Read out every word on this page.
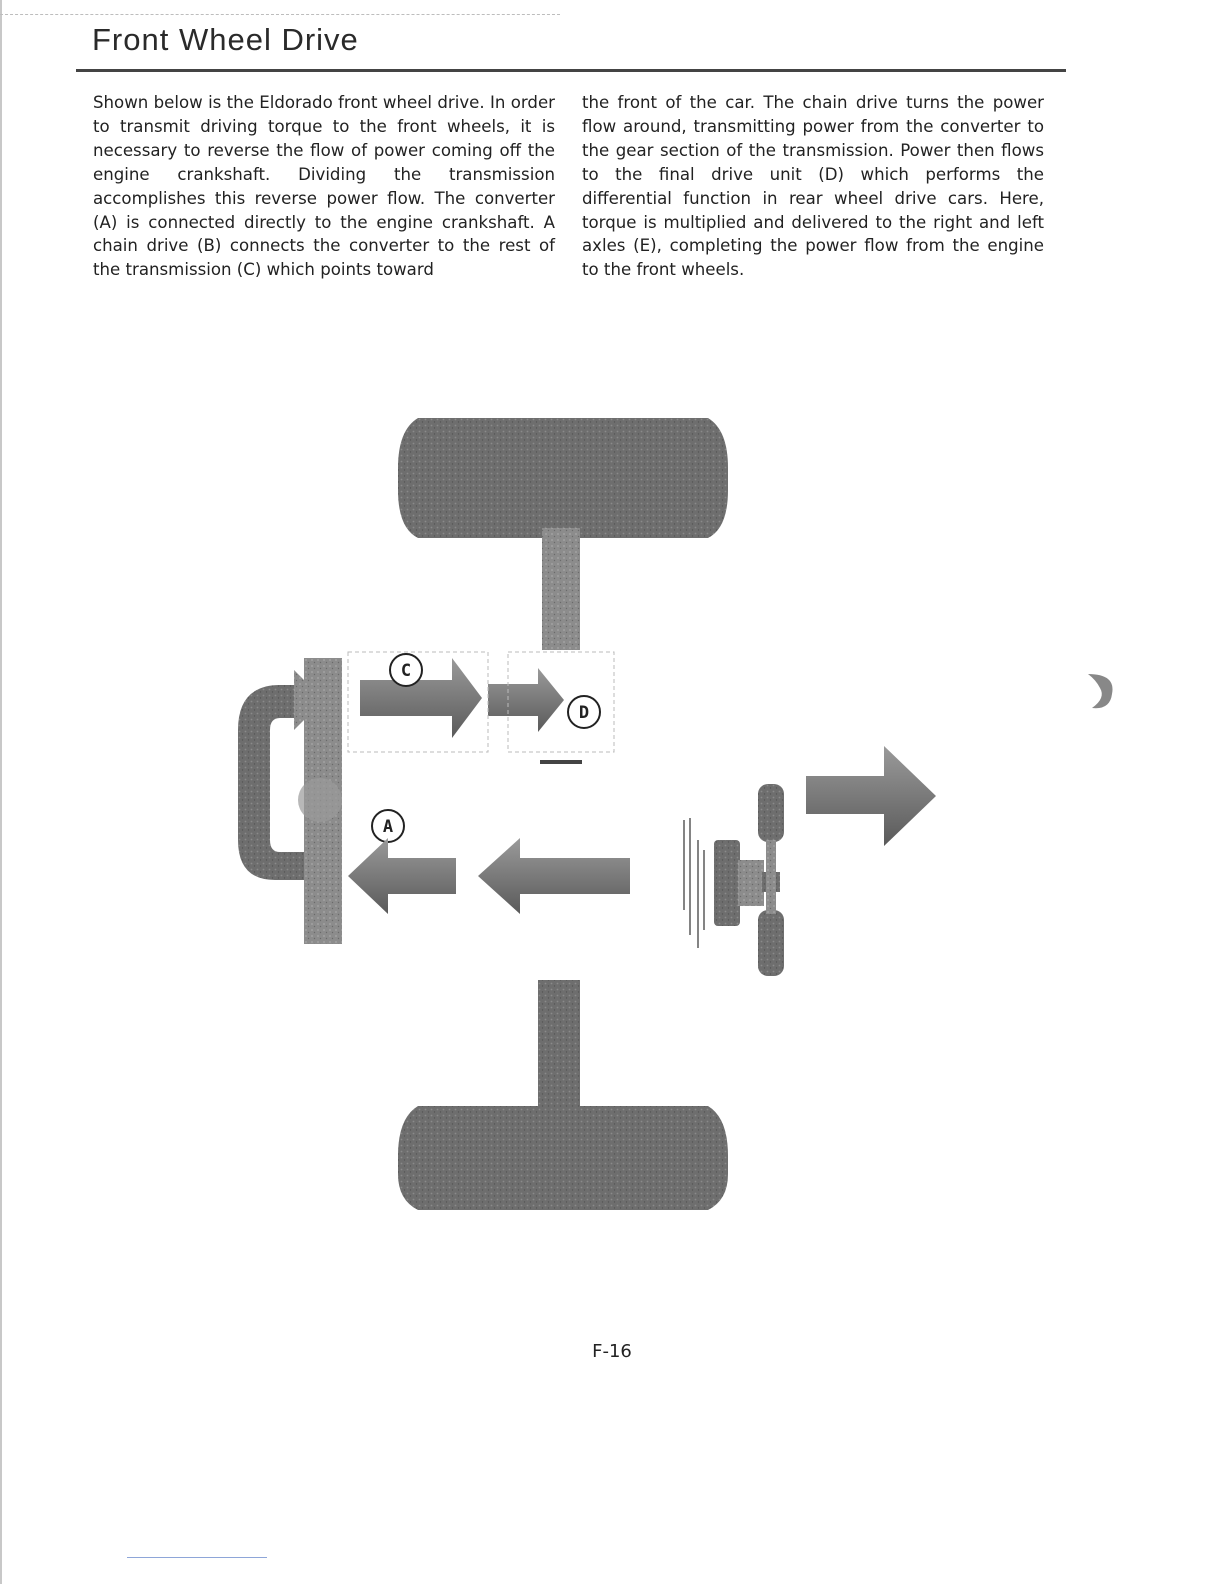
Front Wheel Drive

Shown below is the Eldorado front wheel drive. In order to transmit driving torque to the front wheels, it is necessary to reverse the flow of power coming off the engine crankshaft. Dividing the transmission accomplishes this reverse power flow. The converter (A) is connected directly to the engine crankshaft. A chain drive (B) connects the converter to the rest of the transmission (C) which points toward

the front of the car. The chain drive turns the power flow around, transmitting power from the converter to the gear section of the transmission. Power then flows to the final drive unit (D) which performs the differential function in rear wheel drive cars. Here, torque is multiplied and delivered to the right and left axles (E), completing the power flow from the engine to the front wheels.

C
D
A
F-16
